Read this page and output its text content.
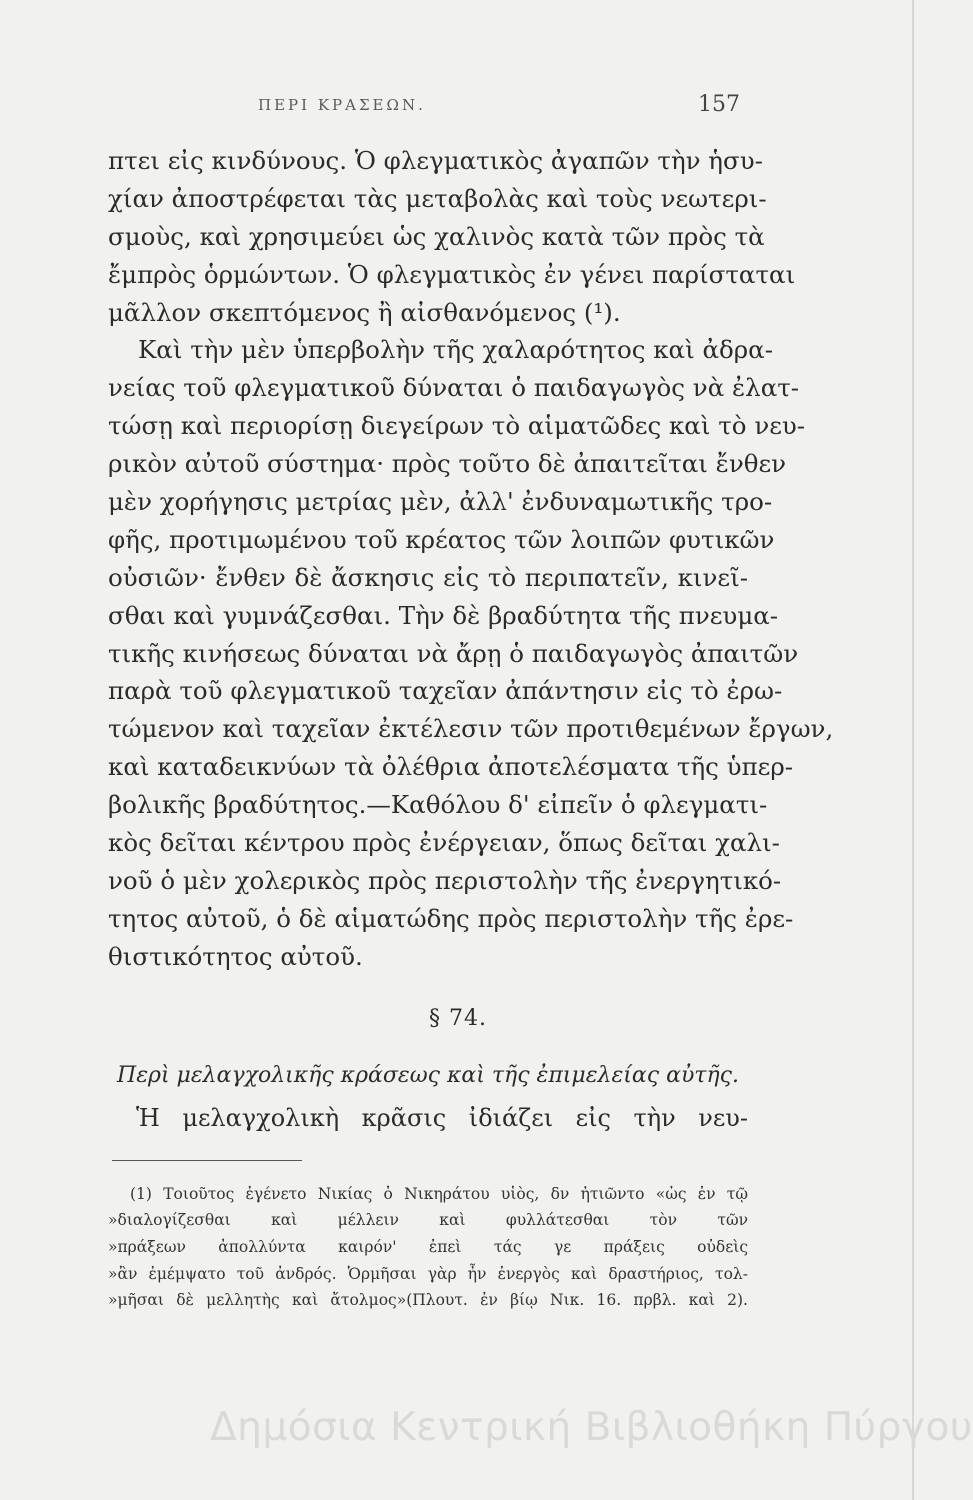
ΠΕΡΙ ΚΡΑΣΕΩΝ.	157
πτει εἰς κινδύνους. Ὁ φλεγματικὸς ἀγαπῶν τὴν ἡσυ-
χίαν ἀποστρέφεται τὰς μεταβολὰς καὶ τοὺς νεωτερι-
σμοὺς, καὶ χρησιμεύει ὡς χαλινὸς κατὰ τῶν πρὸς τὰ
ἔμπρὸς ὁρμώντων. Ὁ φλεγματικὸς ἐν γένει παρίσταται
μᾶλλον σκεπτόμενος ἢ αἰσθανόμενος (¹).
Καὶ τὴν μὲν ὑπερβολὴν τῆς χαλαρότητος καὶ ἀδρα-
νείας τοῦ φλεγματικοῦ δύναται ὁ παιδαγωγὸς νὰ ἐλατ-
τώσῃ καὶ περιορίσῃ διεγείρων τὸ αἱματῶδες καὶ τὸ νευ-
ρικὸν αὐτοῦ σύστημα· πρὸς τοῦτο δὲ ἀπαιτεῖται ἔνθεν
μὲν χορήγησις μετρίας μὲν, ἀλλ' ἐνδυναμωτικῆς τρο-
φῆς, προτιμωμένου τοῦ κρέατος τῶν λοιπῶν φυτικῶν
οὐσιῶν· ἔνθεν δὲ ἄσκησις εἰς τὸ περιπατεῖν, κινεῖ-
σθαι καὶ γυμνάζεσθαι. Τὴν δὲ βραδύτητα τῆς πνευμα-
τικῆς κινήσεως δύναται νὰ ἄρῃ ὁ παιδαγωγὸς ἀπαιτῶν
παρὰ τοῦ φλεγματικοῦ ταχεῖαν ἀπάντησιν εἰς τὸ ἐρω-
τώμενον καὶ ταχεῖαν ἐκτέλεσιν τῶν προτιθεμένων ἔργων,
καὶ καταδεικνύων τὰ ὀλέθρια ἀποτελέσματα τῆς ὑπερ-
βολικῆς βραδύτητος.—Καθόλου δ' εἰπεῖν ὁ φλεγματι-
κὸς δεῖται κέντρου πρὸς ἐνέργειαν, ὅπως δεῖται χαλι-
νοῦ ὁ μὲν χολερικὸς πρὸς περιστολὴν τῆς ἐνεργητικό-
τητος αὐτοῦ, ὁ δὲ αἱματώδης πρὸς περιστολὴν τῆς ἐρε-
θιστικότητος αὐτοῦ.
§ 74.
Περὶ μελαγχολικῆς κράσεως καὶ τῆς ἐπιμελείας αὐτῆς.
Ἡ μελαγχολικὴ κρᾶσις ἰδιάζει εἰς τὴν νευ-
(1) Τοιοῦτος ἐγένετο Νικίας ὁ Νικηράτου υἱὸς, δν ἠτιῶντο «ὡς ἐν τῷ
»διαλογίζεσθαι καὶ μέλλειν καὶ φυλλάτεσθαι τὸν τῶν
»πράξεων ἀπολλύντα καιρόν' ἐπεὶ τάς γε πράξεις οὐδεὶς
»ἂν ἐμέμψατο τοῦ ἀνδρός. Ὁρμῆσαι γὰρ ἦν ἐνεργὸς καὶ δραστήριος, τολ-
»μῆσαι δὲ μελλητὴς καὶ ἄτολμος»(Πλουτ. ἐν βίῳ Νικ. 16. πρβλ. καὶ 2).
Δημόσια Κεντρική Βιβλιοθήκη Πύργου
